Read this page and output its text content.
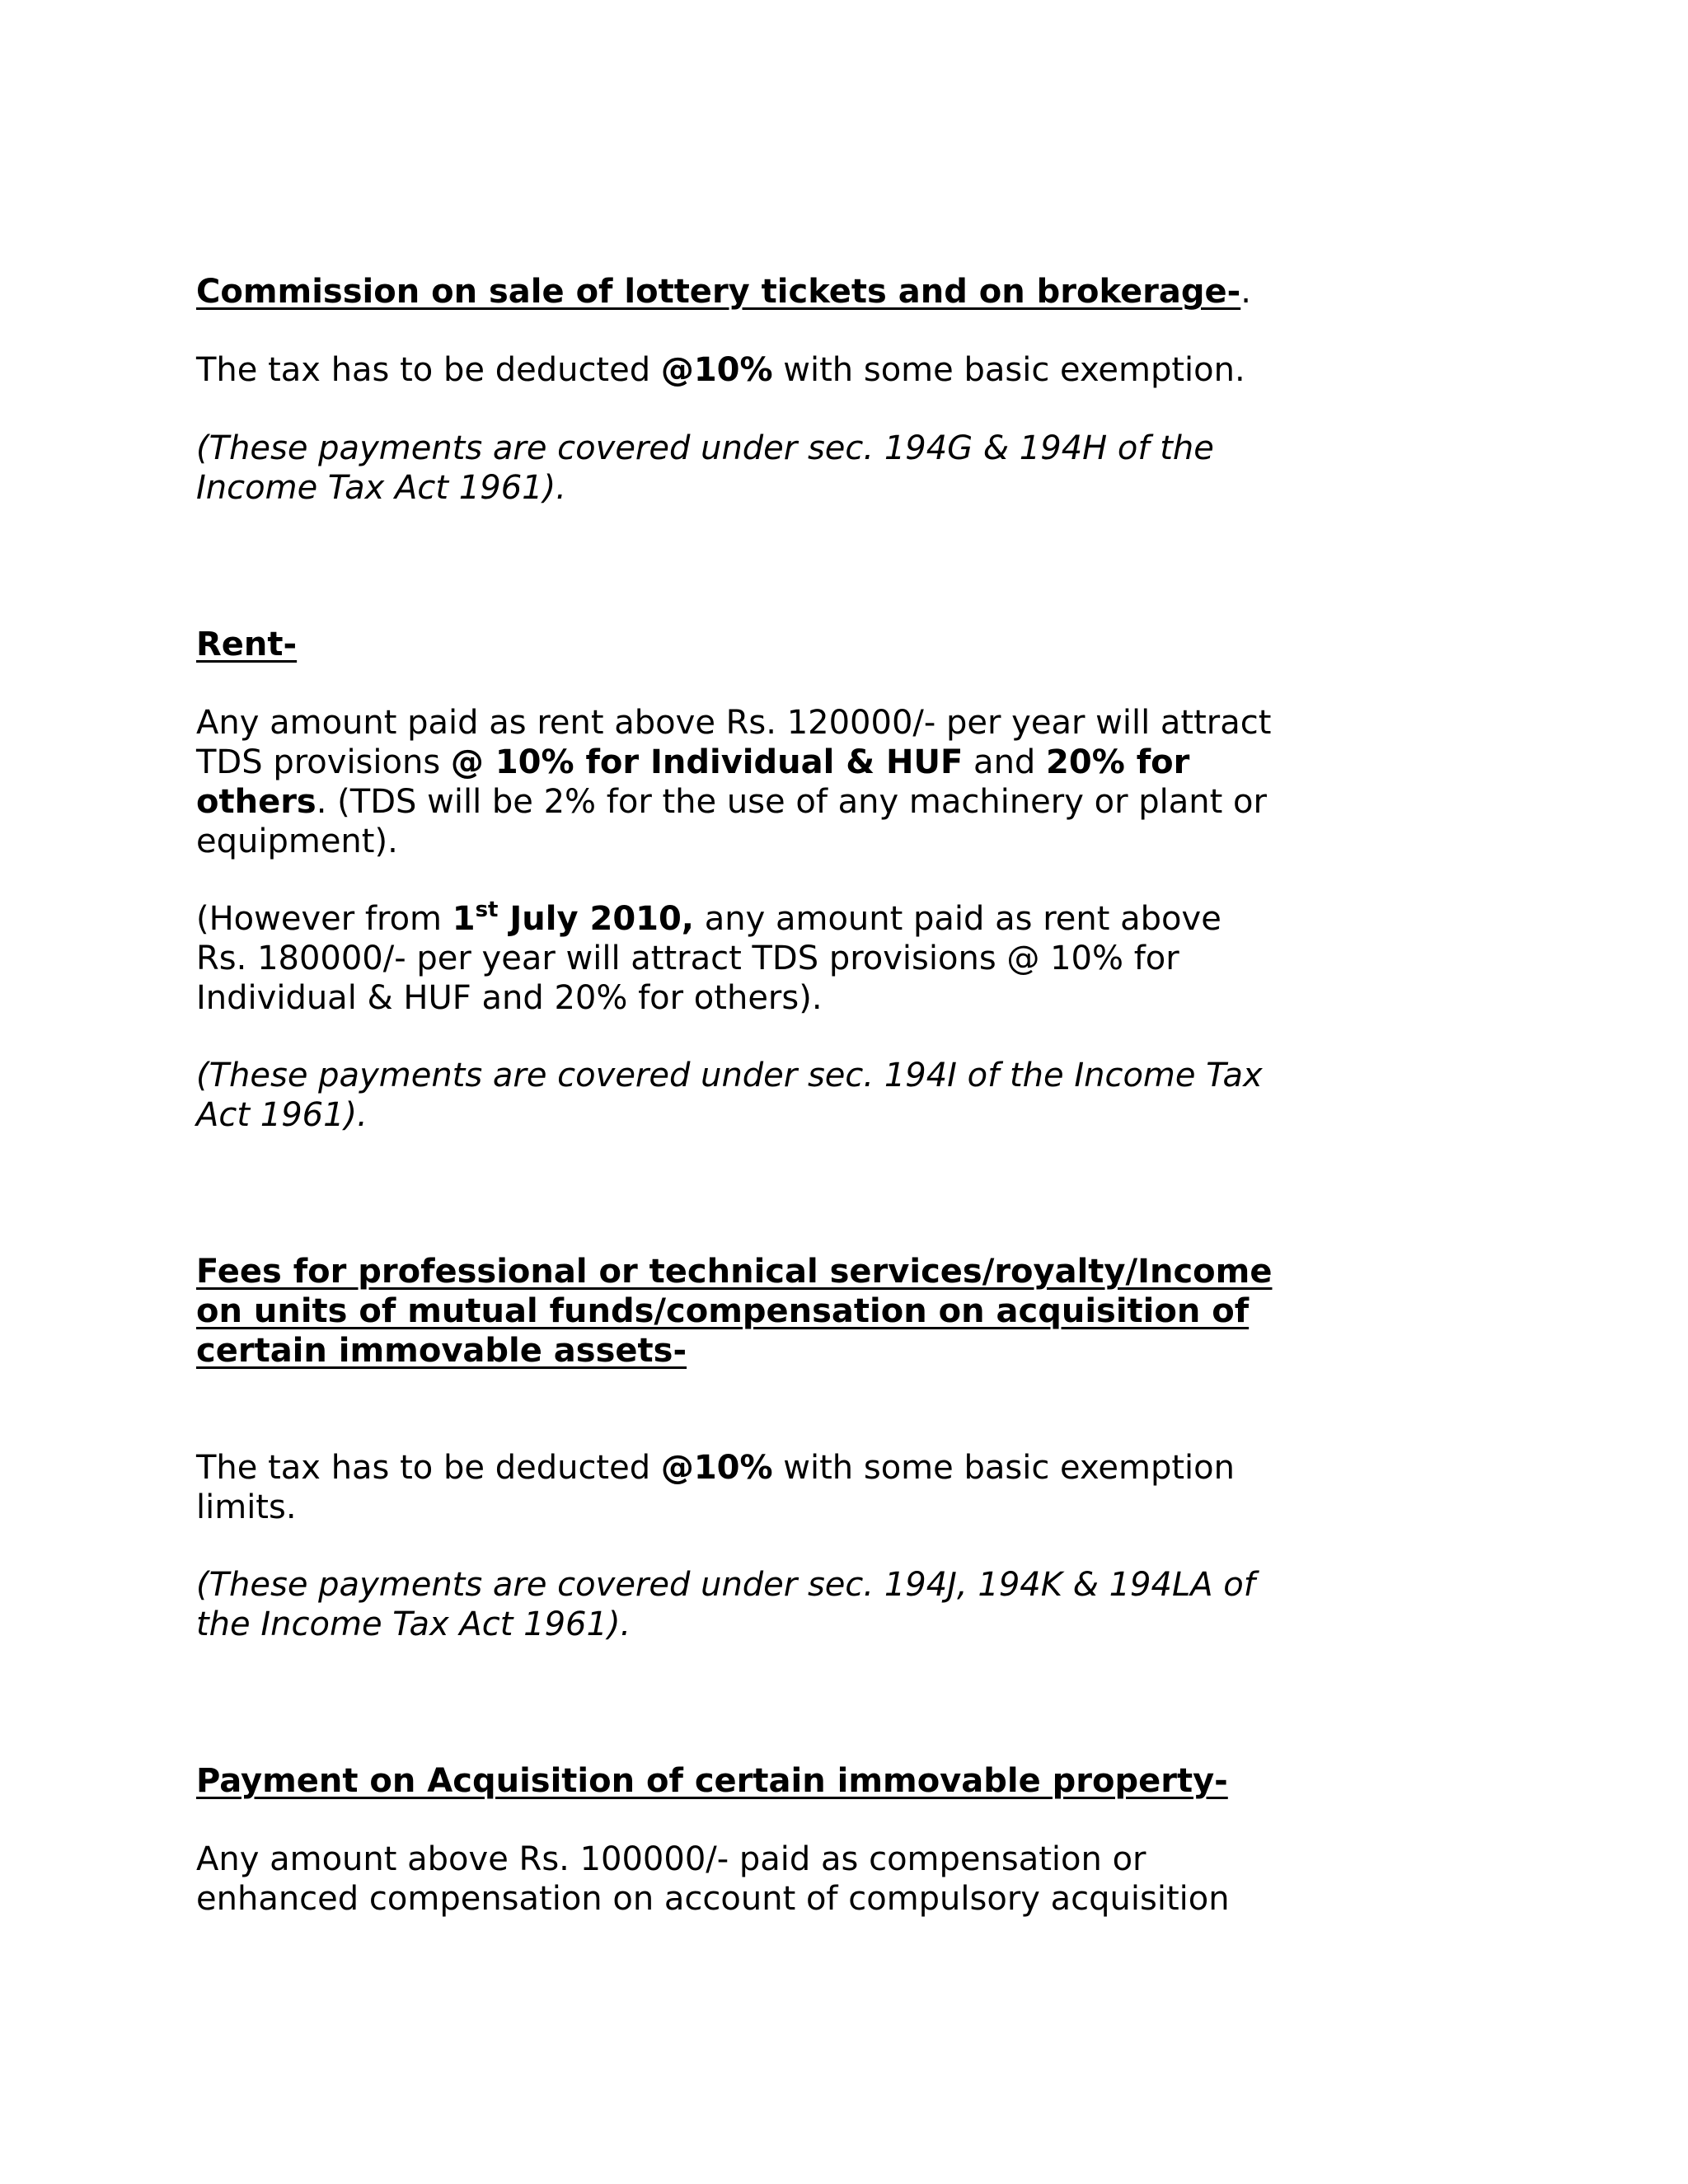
Commission on sale of lottery tickets and on brokerage-.

The tax has to be deducted @10% with some basic exemption.

(These payments are covered under sec. 194G & 194H of the Income Tax Act 1961).

Rent-

Any amount paid as rent above Rs. 120000/- per year will attract TDS provisions @ 10% for Individual & HUF and 20% for others. (TDS will be 2% for the use of any machinery or plant or equipment).

(However from 1st July 2010, any amount paid as rent above Rs. 180000/- per year will attract TDS provisions @ 10% for Individual & HUF and 20% for others).

(These payments are covered under sec. 194I of the Income Tax Act 1961).

Fees for professional or technical services/royalty/Income on units of mutual funds/compensation on acquisition of certain immovable assets-

The tax has to be deducted @10% with some basic exemption limits.

(These payments are covered under sec. 194J, 194K & 194LA of the Income Tax Act 1961).

Payment on Acquisition of certain immovable property-

Any amount above Rs. 100000/- paid as compensation or enhanced compensation on account of compulsory acquisition
